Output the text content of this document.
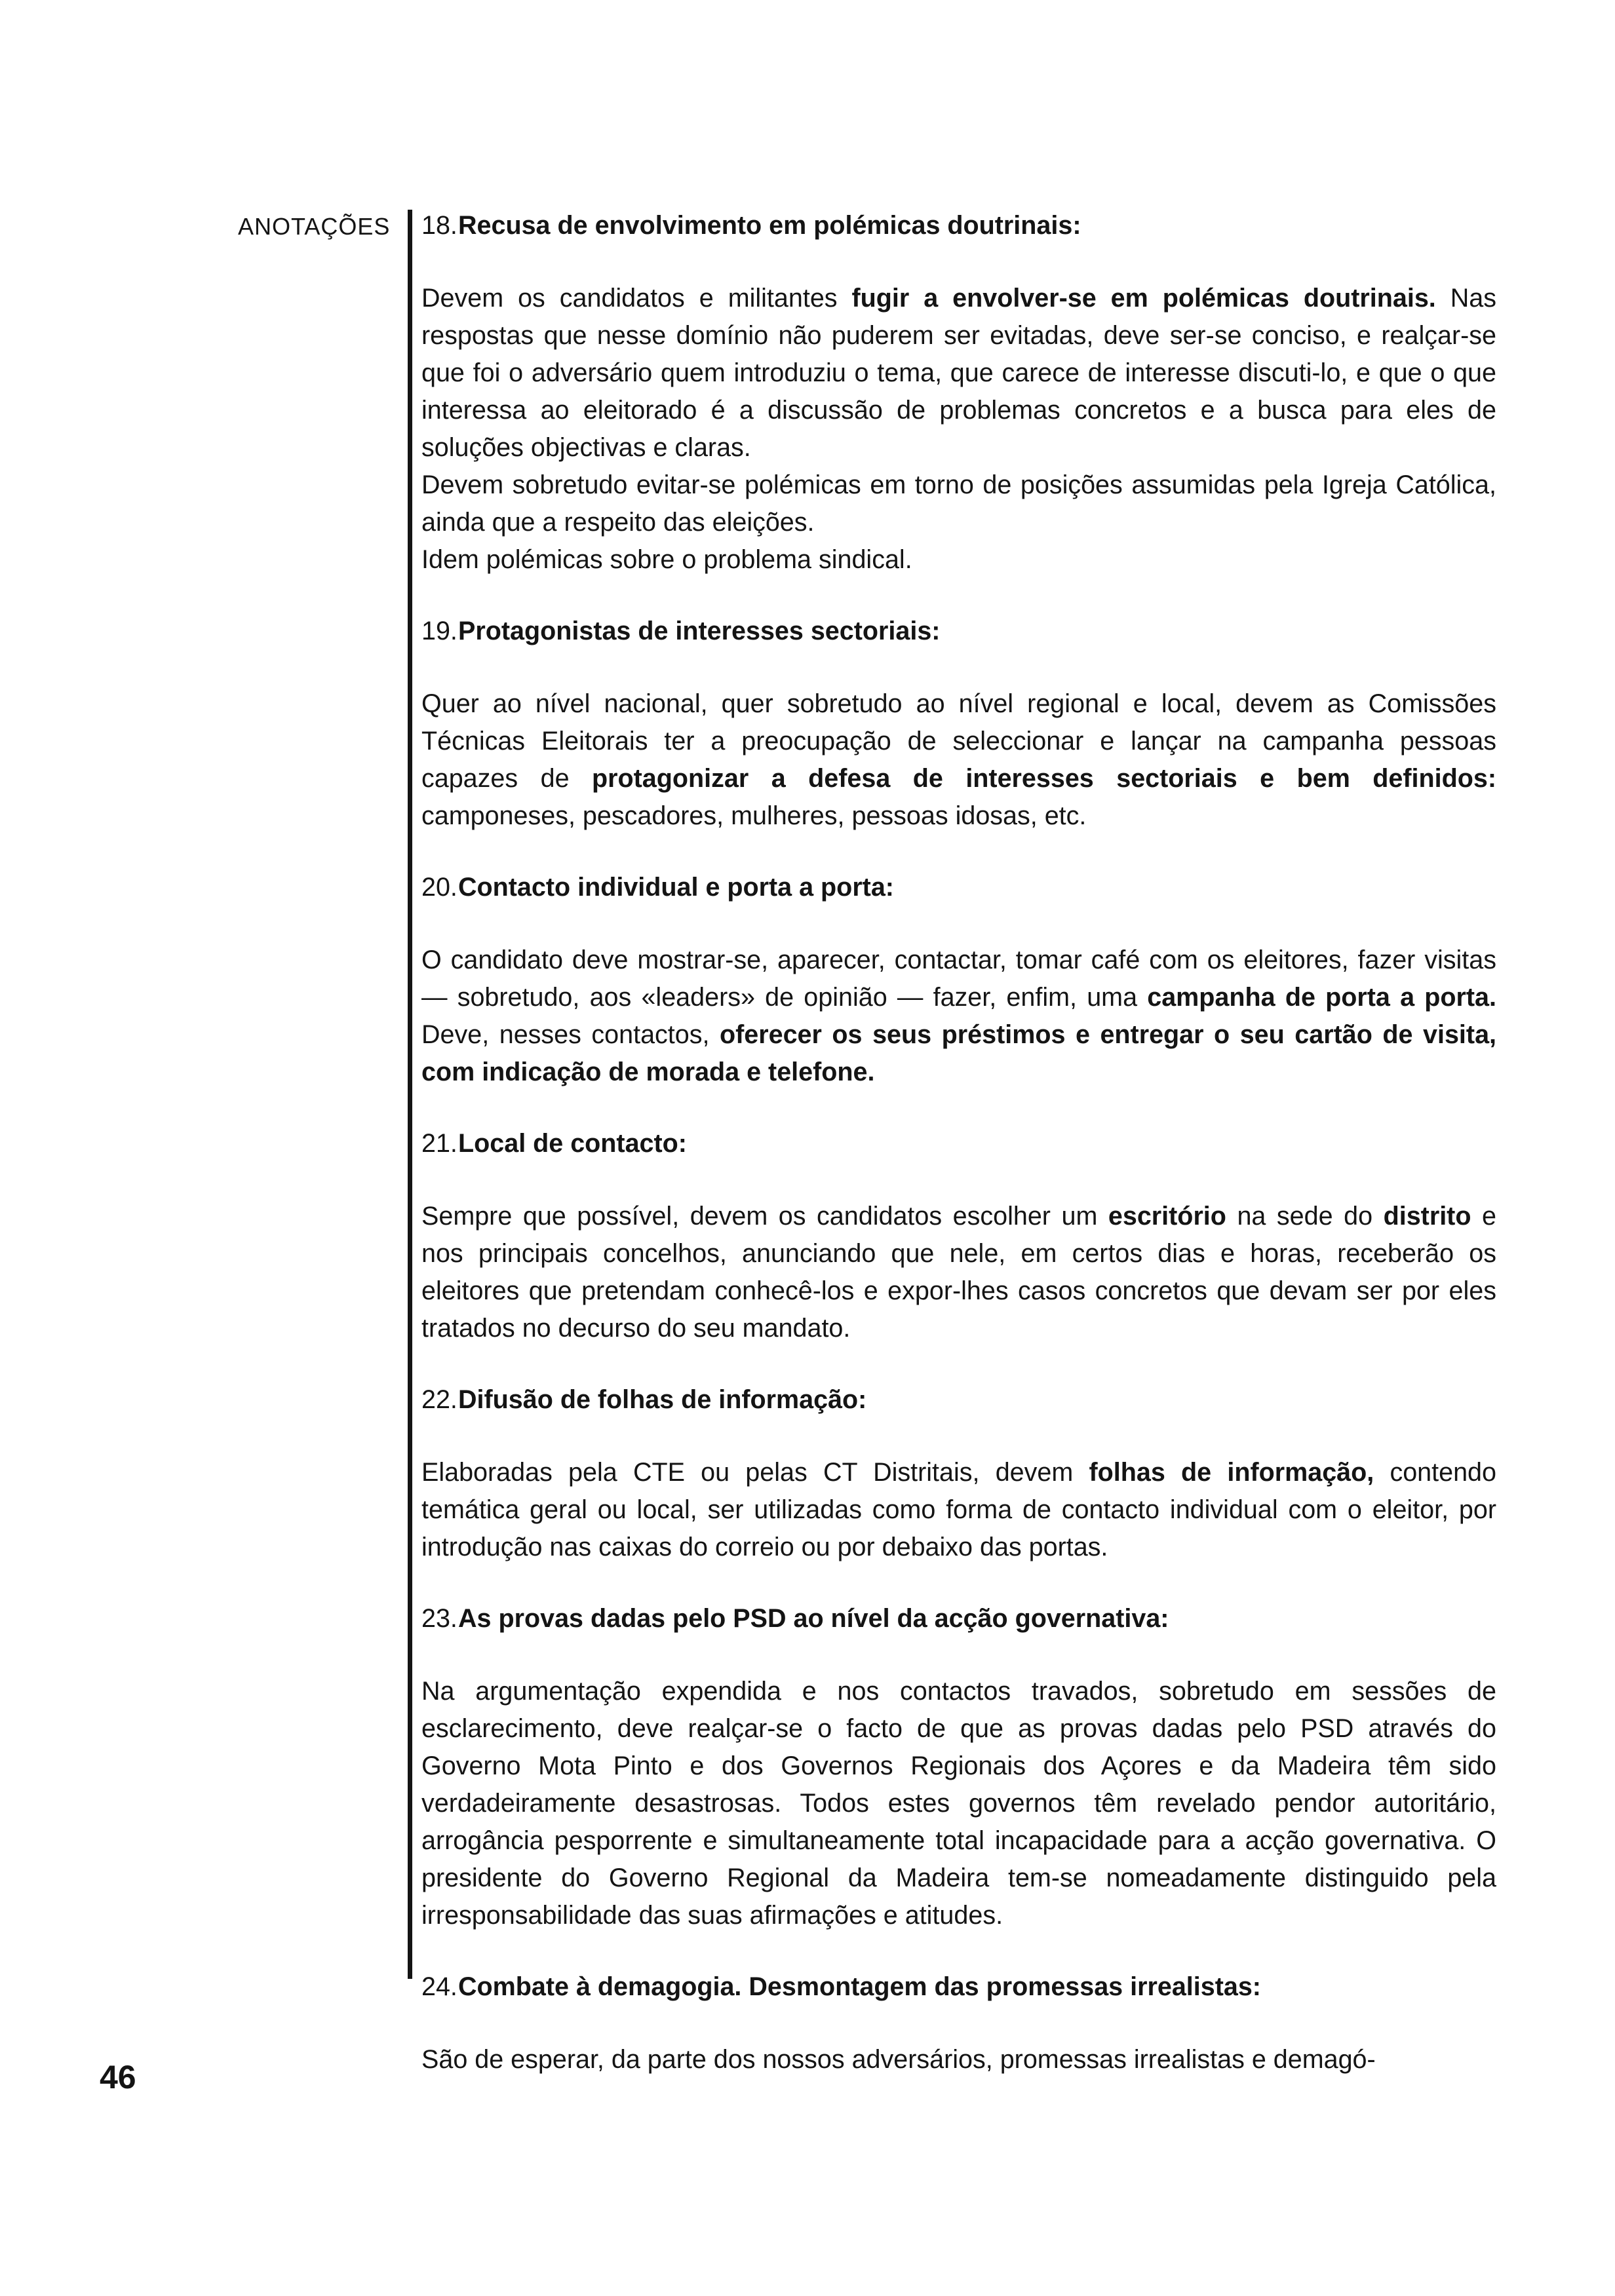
ANOTAÇÕES 18.Recusa de envolvimento em polémicas doutrinais:

Devem os candidatos e militantes fugir a envolver-se em polémicas doutrinais. Nas respostas que nesse domínio não puderem ser evitadas, deve ser-se conciso, e realçar-se que foi o adversário quem introduziu o tema, que carece de interesse discuti-lo, e que o que interessa ao eleitorado é a discussão de problemas concretos e a busca para eles de soluções objectivas e claras.

Devem sobretudo evitar-se polémicas em torno de posições assumidas pela Igreja Católica, ainda que a respeito das eleições.

Idem polémicas sobre o problema sindical.

19.Protagonistas de interesses sectoriais:

Quer ao nível nacional, quer sobretudo ao nível regional e local, devem as Comissões Técnicas Eleitorais ter a preocupação de seleccionar e lançar na campanha pessoas capazes de protagonizar a defesa de interesses sectoriais e bem definidos: camponeses, pescadores, mulheres, pessoas idosas, etc.

20.Contacto individual e porta a porta:

O candidato deve mostrar-se, aparecer, contactar, tomar café com os eleitores, fazer visitas — sobretudo, aos «leaders» de opinião — fazer, enfim, uma campanha de porta a porta. Deve, nesses contactos, oferecer os seus préstimos e entregar o seu cartão de visita, com indicação de morada e telefone.

21.Local de contacto:

Sempre que possível, devem os candidatos escolher um escritório na sede do distrito e nos principais concelhos, anunciando que nele, em certos dias e horas, receberão os eleitores que pretendam conhecê-los e expor-lhes casos concretos que devam ser por eles tratados no decurso do seu mandato.

22.Difusão de folhas de informação:

Elaboradas pela CTE ou pelas CT Distritais, devem folhas de informação, contendo temática geral ou local, ser utilizadas como forma de contacto individual com o eleitor, por introdução nas caixas do correio ou por debaixo das portas.

23.As provas dadas pelo PSD ao nível da acção governativa:

Na argumentação expendida e nos contactos travados, sobretudo em sessões de esclarecimento, deve realçar-se o facto de que as provas dadas pelo PSD através do Governo Mota Pinto e dos Governos Regionais dos Açores e da Madeira têm sido verdadeiramente desastrosas. Todos estes governos têm revelado pendor autoritário, arrogância pesporrente e simultaneamente total incapacidade para a acção governativa. O presidente do Governo Regional da Madeira tem-se nomeadamente distinguido pela irresponsabilidade das suas afirmações e atitudes.

24.Combate à demagogia. Desmontagem das promessas irrealistas:

São de esperar, da parte dos nossos adversários, promessas irrealistas e demagó-

46
